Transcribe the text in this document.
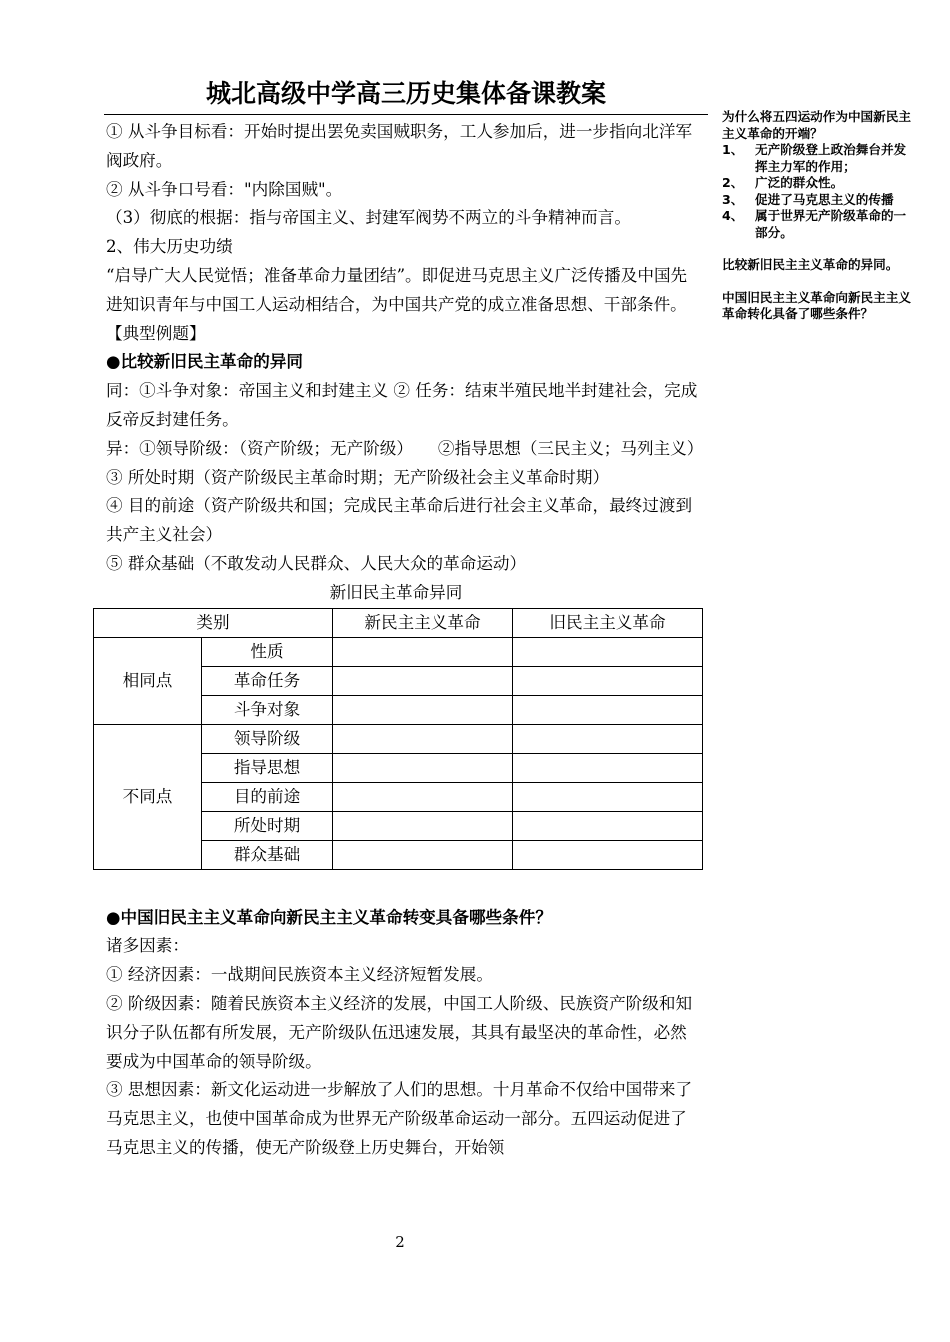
城北高级中学高三历史集体备课教案

① 从斗争目标看：开始时提出罢免卖国贼职务，工人参加后，进一步指向北洋军阀政府。

② 从斗争口号看："内除国贼"。

（3）彻底的根据：指与帝国主义、封建军阀势不两立的斗争精神而言。

2、伟大历史功绩

“启导广大人民觉悟；准备革命力量团结”。即促进马克思主义广泛传播及中国先进知识青年与中国工人运动相结合，为中国共产党的成立准备思想、干部条件。

【典型例题】

●比较新旧民主革命的异同

同：①斗争对象：帝国主义和封建主义 ② 任务：结束半殖民地半封建社会，完成反帝反封建任务。

异：①领导阶级：（资产阶级；无产阶级）　　②指导思想（三民主义；马列主义）

③ 所处时期（资产阶级民主革命时期；无产阶级社会主义革命时期）

④ 目的前途（资产阶级共和国；完成民主革命后进行社会主义革命，最终过渡到共产主义社会）

⑤ 群众基础（不敢发动人民群众、人民大众的革命运动）

新旧民主革命异同

类别		新民主主义革命	旧民主主义革命
相同点	性质		
	革命任务		
	斗争对象		
不同点	领导阶级		
	指导思想		
	目的前途		
	所处时期		
	群众基础		

●中国旧民主主义革命向新民主主义革命转变具备哪些条件？

诸多因素：

① 经济因素：一战期间民族资本主义经济短暂发展。

② 阶级因素：随着民族资本主义经济的发展，中国工人阶级、民族资产阶级和知识分子队伍都有所发展，无产阶级队伍迅速发展，其具有最坚决的革命性，必然要成为中国革命的领导阶级。

③ 思想因素：新文化运动进一步解放了人们的思想。十月革命不仅给中国带来了马克思主义，也使中国革命成为世界无产阶级革命运动一部分。五四运动促进了马克思主义的传播，使无产阶级登上历史舞台，开始领

为什么将五四运动作为中国新民主主义革命的开端？

1、 无产阶级登上政治舞台并发挥主力军的作用；
2、 广泛的群众性。
3、 促进了马克思主义的传播
4、 属于世界无产阶级革命的一部分。

比较新旧民主主义革命的异同。

中国旧民主主义革命向新民主主义革命转化具备了哪些条件？

2
